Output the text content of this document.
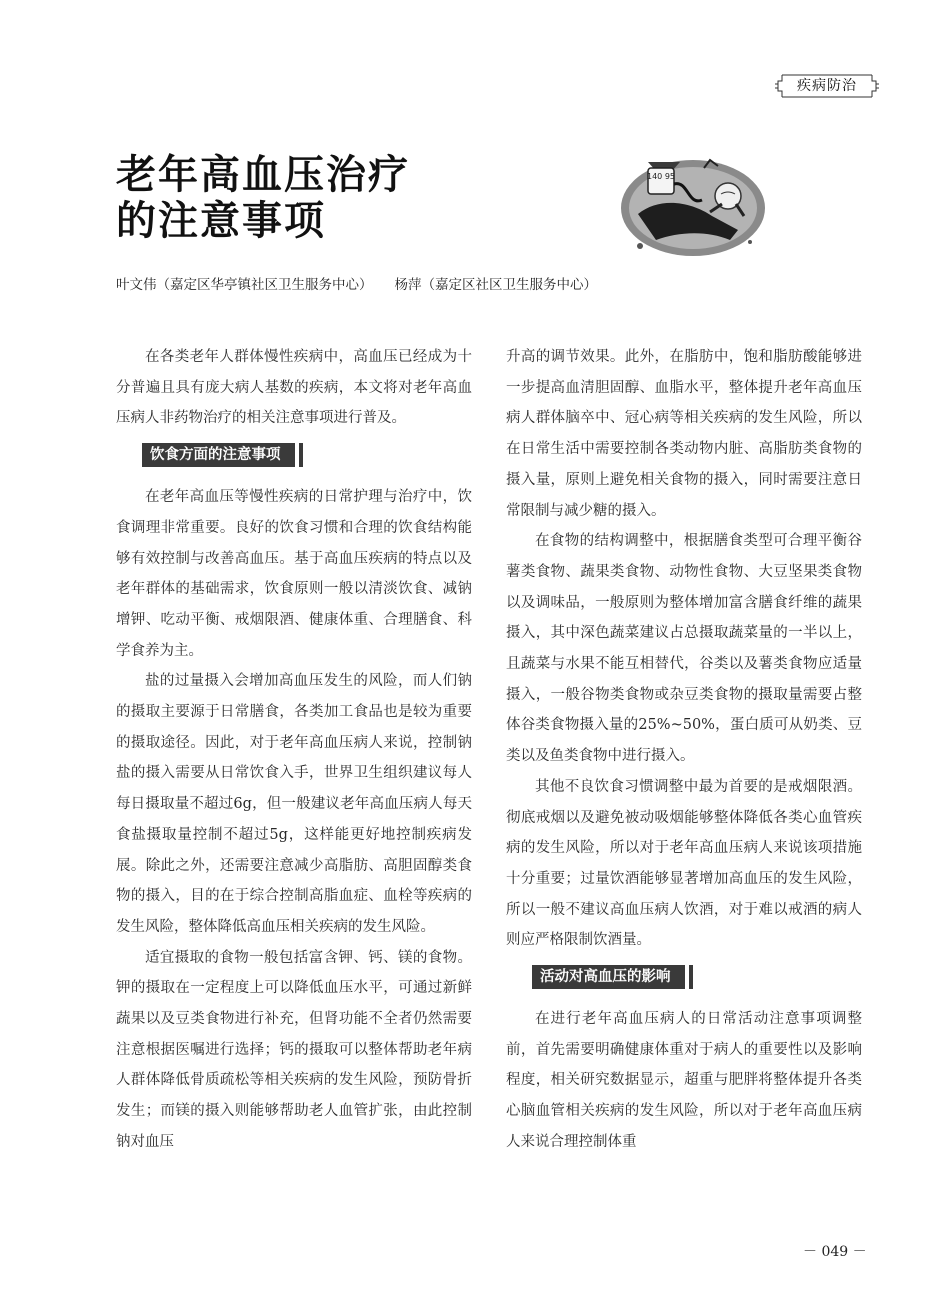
疾病防治
老年高血压治疗
的注意事项
140 95
叶文伟（嘉定区华亭镇社区卫生服务中心） 杨萍（嘉定区社区卫生服务中心）

在各类老年人群体慢性疾病中，高血压已经成为十分普遍且具有庞大病人基数的疾病，本文将对老年高血压病人非药物治疗的相关注意事项进行普及。

饮食方面的注意事项

在老年高血压等慢性疾病的日常护理与治疗中，饮食调理非常重要。良好的饮食习惯和合理的饮食结构能够有效控制与改善高血压。基于高血压疾病的特点以及老年群体的基础需求，饮食原则一般以清淡饮食、减钠增钾、吃动平衡、戒烟限酒、健康体重、合理膳食、科学食养为主。

盐的过量摄入会增加高血压发生的风险，而人们钠的摄取主要源于日常膳食，各类加工食品也是较为重要的摄取途径。因此，对于老年高血压病人来说，控制钠盐的摄入需要从日常饮食入手，世界卫生组织建议每人每日摄取量不超过6g，但一般建议老年高血压病人每天食盐摄取量控制不超过5g，这样能更好地控制疾病发展。除此之外，还需要注意减少高脂肪、高胆固醇类食物的摄入，目的在于综合控制高脂血症、血栓等疾病的发生风险，整体降低高血压相关疾病的发生风险。

适宜摄取的食物一般包括富含钾、钙、镁的食物。钾的摄取在一定程度上可以降低血压水平，可通过新鲜蔬果以及豆类食物进行补充，但肾功能不全者仍然需要注意根据医嘱进行选择；钙的摄取可以整体帮助老年病人群体降低骨质疏松等相关疾病的发生风险，预防骨折发生；而镁的摄入则能够帮助老人血管扩张，由此控制钠对血压

升高的调节效果。此外，在脂肪中，饱和脂肪酸能够进一步提高血清胆固醇、血脂水平，整体提升老年高血压病人群体脑卒中、冠心病等相关疾病的发生风险，所以在日常生活中需要控制各类动物内脏、高脂肪类食物的摄入量，原则上避免相关食物的摄入，同时需要注意日常限制与减少糖的摄入。

在食物的结构调整中，根据膳食类型可合理平衡谷薯类食物、蔬果类食物、动物性食物、大豆坚果类食物以及调味品，一般原则为整体增加富含膳食纤维的蔬果摄入，其中深色蔬菜建议占总摄取蔬菜量的一半以上，且蔬菜与水果不能互相替代，谷类以及薯类食物应适量摄入，一般谷物类食物或杂豆类食物的摄取量需要占整体谷类食物摄入量的25%~50%，蛋白质可从奶类、豆类以及鱼类食物中进行摄入。

其他不良饮食习惯调整中最为首要的是戒烟限酒。彻底戒烟以及避免被动吸烟能够整体降低各类心血管疾病的发生风险，所以对于老年高血压病人来说该项措施十分重要；过量饮酒能够显著增加高血压的发生风险，所以一般不建议高血压病人饮酒，对于难以戒酒的病人则应严格限制饮酒量。

活动对高血压的影响

在进行老年高血压病人的日常活动注意事项调整前，首先需要明确健康体重对于病人的重要性以及影响程度，相关研究数据显示，超重与肥胖将整体提升各类心脑血管相关疾病的发生风险，所以对于老年高血压病人来说合理控制体重

－ 049 －
